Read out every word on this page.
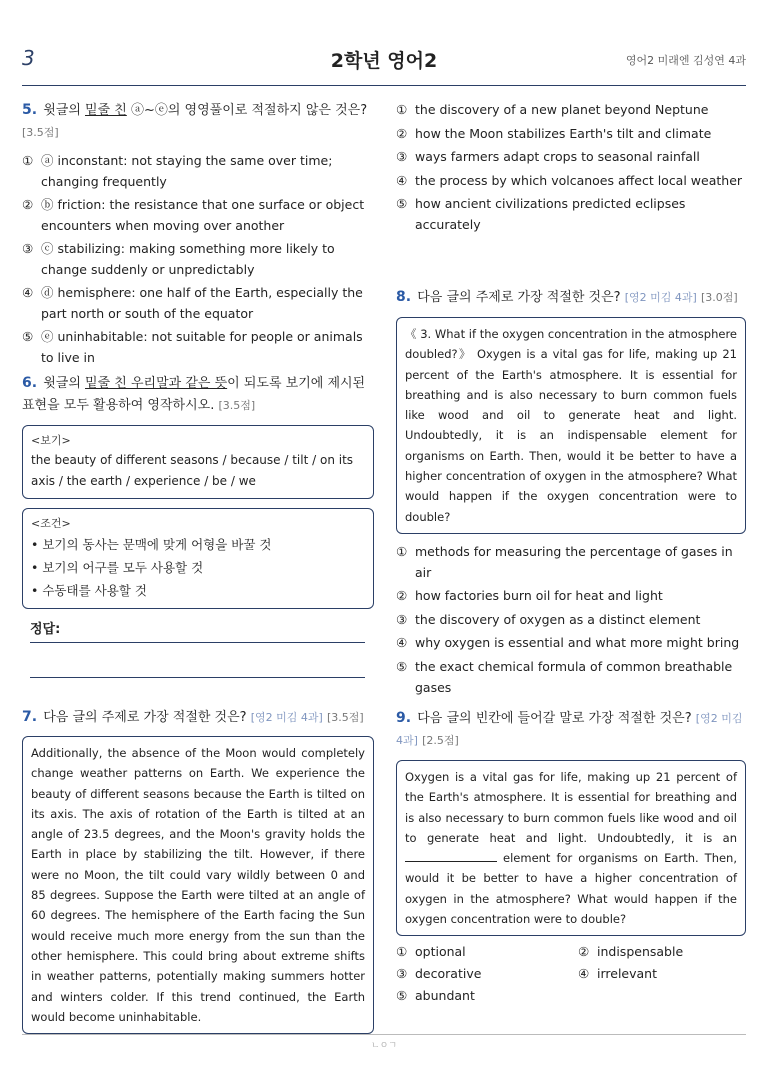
3	2학년 영어2	영어2 미래엔 김성연 4과
5. 윗글의 밑줄 친 ⓐ~ⓔ의 영영풀이로 적절하지 않은 것은? [3.5점]
① ⓐ inconstant: not staying the same over time; changing frequently
② ⓑ friction: the resistance that one surface or object encounters when moving over another
③ ⓒ stabilizing: making something more likely to change suddenly or unpredictably
④ ⓓ hemisphere: one half of the Earth, especially the part north or south of the equator
⑤ ⓔ uninhabitable: not suitable for people or animals to live in
6. 윗글의 밑줄 친 우리말과 같은 뜻이 되도록 보기에 제시된 표현을 모두 활용하여 영작하시오. [3.5점]
<보기>
the beauty of different seasons / because / tilt / on its axis / the earth / experience / be / we
<조건>
• 보기의 동사는 문맥에 맞게 어형을 바꿀 것
• 보기의 어구를 모두 사용할 것
• 수동태를 사용할 것
정답:
7. 다음 글의 주제로 가장 적절한 것은? [영2 미김 4과] [3.5점]
Additionally, the absence of the Moon would completely change weather patterns on Earth. We experience the beauty of different seasons because the Earth is tilted on its axis. The axis of rotation of the Earth is tilted at an angle of 23.5 degrees, and the Moon's gravity holds the Earth in place by stabilizing the tilt. However, if there were no Moon, the tilt could vary wildly between 0 and 85 degrees. Suppose the Earth were tilted at an angle of 60 degrees. The hemisphere of the Earth facing the Sun would receive much more energy from the sun than the other hemisphere. This could bring about extreme shifts in weather patterns, potentially making summers hotter and winters colder. If this trend continued, the Earth would become uninhabitable.
① the discovery of a new planet beyond Neptune
② how the Moon stabilizes Earth's tilt and climate
③ ways farmers adapt crops to seasonal rainfall
④ the process by which volcanoes affect local weather
⑤ how ancient civilizations predicted eclipses accurately
8. 다음 글의 주제로 가장 적절한 것은? [영2 미김 4과] [3.0점]
《 3. What if the oxygen concentration in the atmosphere doubled?》 Oxygen is a vital gas for life, making up 21 percent of the Earth's atmosphere. It is essential for breathing and is also necessary to burn common fuels like wood and oil to generate heat and light. Undoubtedly, it is an indispensable element for organisms on Earth. Then, would it be better to have a higher concentration of oxygen in the atmosphere? What would happen if the oxygen concentration were to double?
① methods for measuring the percentage of gases in air
② how factories burn oil for heat and light
③ the discovery of oxygen as a distinct element
④ why oxygen is essential and what more might bring
⑤ the exact chemical formula of common breathable gases
9. 다음 글의 빈칸에 들어갈 말로 가장 적절한 것은? [영2 미김 4과] [2.5점]
Oxygen is a vital gas for life, making up 21 percent of the Earth's atmosphere. It is essential for breathing and is also necessary to burn common fuels like wood and oil to generate heat and light. Undoubtedly, it is an  element for organisms on Earth. Then, would it be better to have a higher concentration of oxygen in the atmosphere? What would happen if the oxygen concentration were to double?
① optional	② indispensable
③ decorative	④ irrelevant
⑤ abundant
ㄴㅇㄱ
